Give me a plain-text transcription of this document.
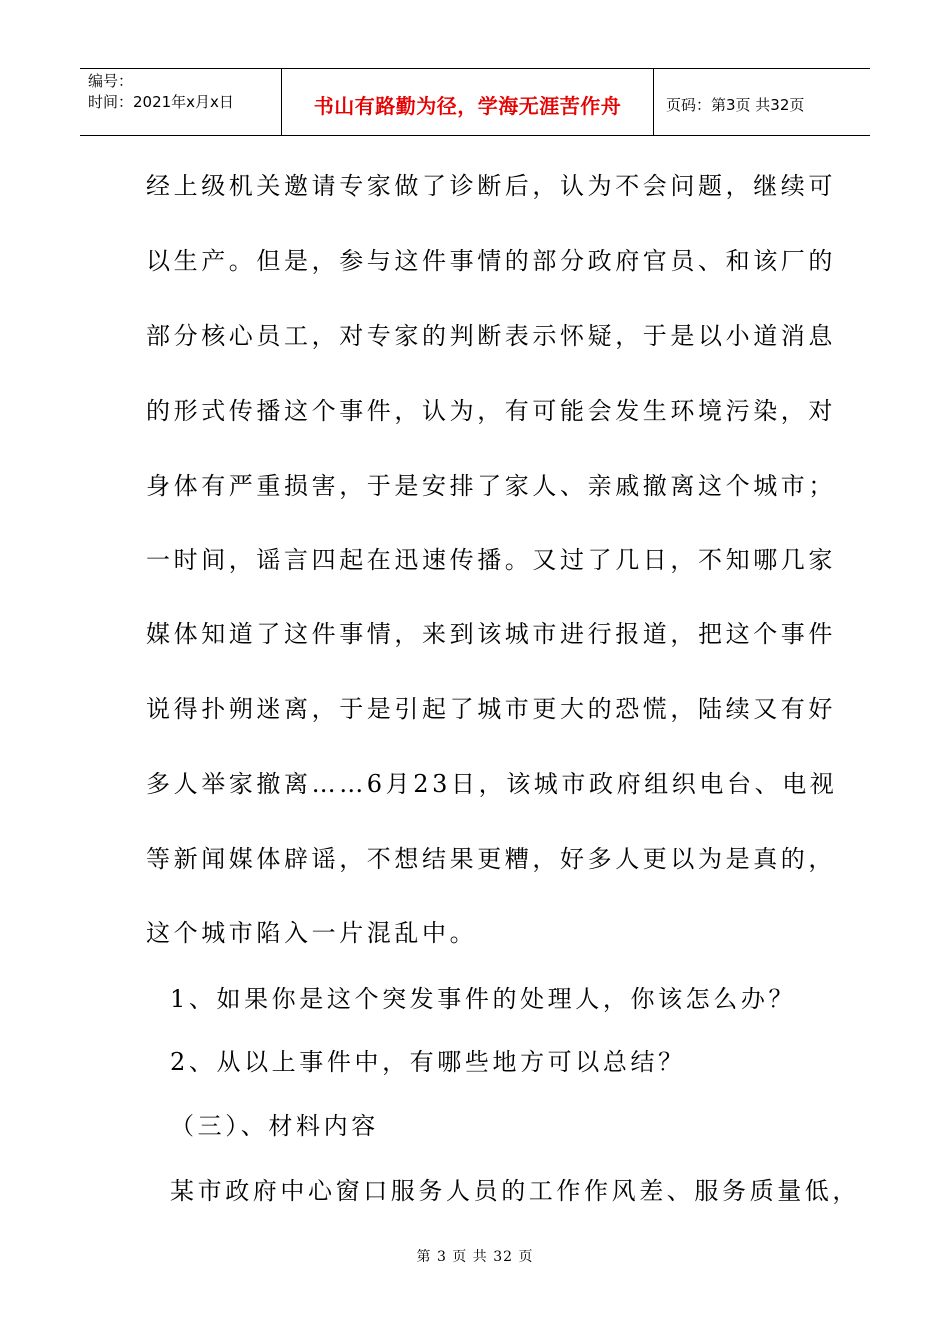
编号：
时间：2021年x月x日	书山有路勤为径，学海无涯苦作舟	页码：第3页 共32页
经上级机关邀请专家做了诊断后，认为不会问题，继续可
以生产。但是，参与这件事情的部分政府官员、和该厂的
部分核心员工，对专家的判断表示怀疑，于是以小道消息
的形式传播这个事件，认为，有可能会发生环境污染，对
身体有严重损害，于是安排了家人、亲戚撤离这个城市；
一时间，谣言四起在迅速传播。又过了几日，不知哪几家
媒体知道了这件事情，来到该城市进行报道，把这个事件
说得扑朔迷离，于是引起了城市更大的恐慌，陆续又有好
多人举家撤离……6月23日，该城市政府组织电台、电视
等新闻媒体辟谣，不想结果更糟，好多人更以为是真的，
这个城市陷入一片混乱中。
1、如果你是这个突发事件的处理人，你该怎么办？
2、从以上事件中，有哪些地方可以总结？
（三）、材料内容
某市政府中心窗口服务人员的工作作风差、服务质量低，
第 3 页 共 32 页
